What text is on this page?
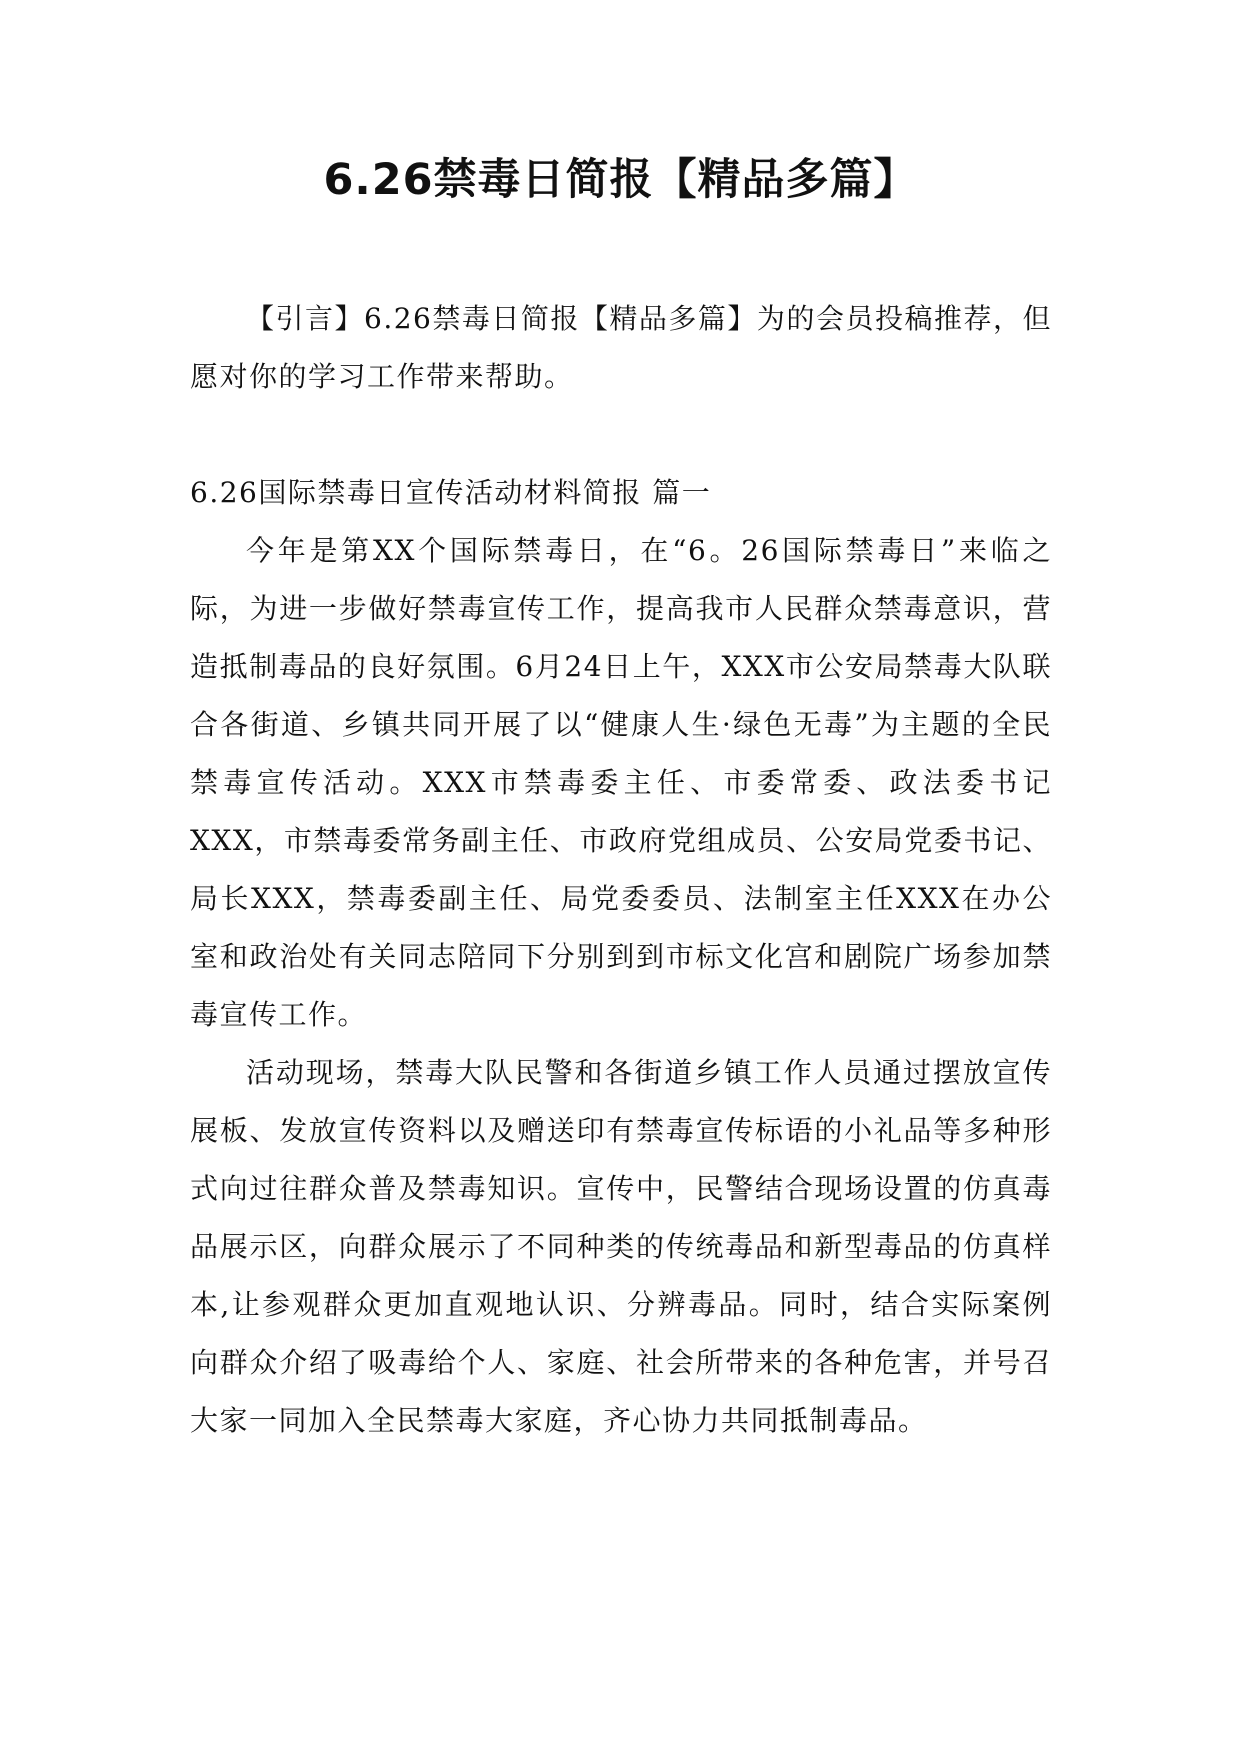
6.26禁毒日简报【精品多篇】

【引言】6.26禁毒日简报【精品多篇】为的会员投稿推荐，但愿对你的学习工作带来帮助。

6.26国际禁毒日宣传活动材料简报 篇一

今年是第XX个国际禁毒日，在“6。26国际禁毒日”来临之际，为进一步做好禁毒宣传工作，提高我市人民群众禁毒意识，营造抵制毒品的良好氛围。6月24日上午，XXX市公安局禁毒大队联合各街道、乡镇共同开展了以“健康人生·绿色无毒”为主题的全民禁毒宣传活动。XXX市禁毒委主任、市委常委、政法委书记XXX，市禁毒委常务副主任、市政府党组成员、公安局党委书记、局长XXX，禁毒委副主任、局党委委员、法制室主任XXX在办公室和政治处有关同志陪同下分别到到市标文化宫和剧院广场参加禁毒宣传工作。

活动现场，禁毒大队民警和各街道乡镇工作人员通过摆放宣传展板、发放宣传资料以及赠送印有禁毒宣传标语的小礼品等多种形式向过往群众普及禁毒知识。宣传中，民警结合现场设置的仿真毒品展示区，向群众展示了不同种类的传统毒品和新型毒品的仿真样本,让参观群众更加直观地认识、分辨毒品。同时，结合实际案例向群众介绍了吸毒给个人、家庭、社会所带来的各种危害，并号召大家一同加入全民禁毒大家庭，齐心协力共同抵制毒品。
